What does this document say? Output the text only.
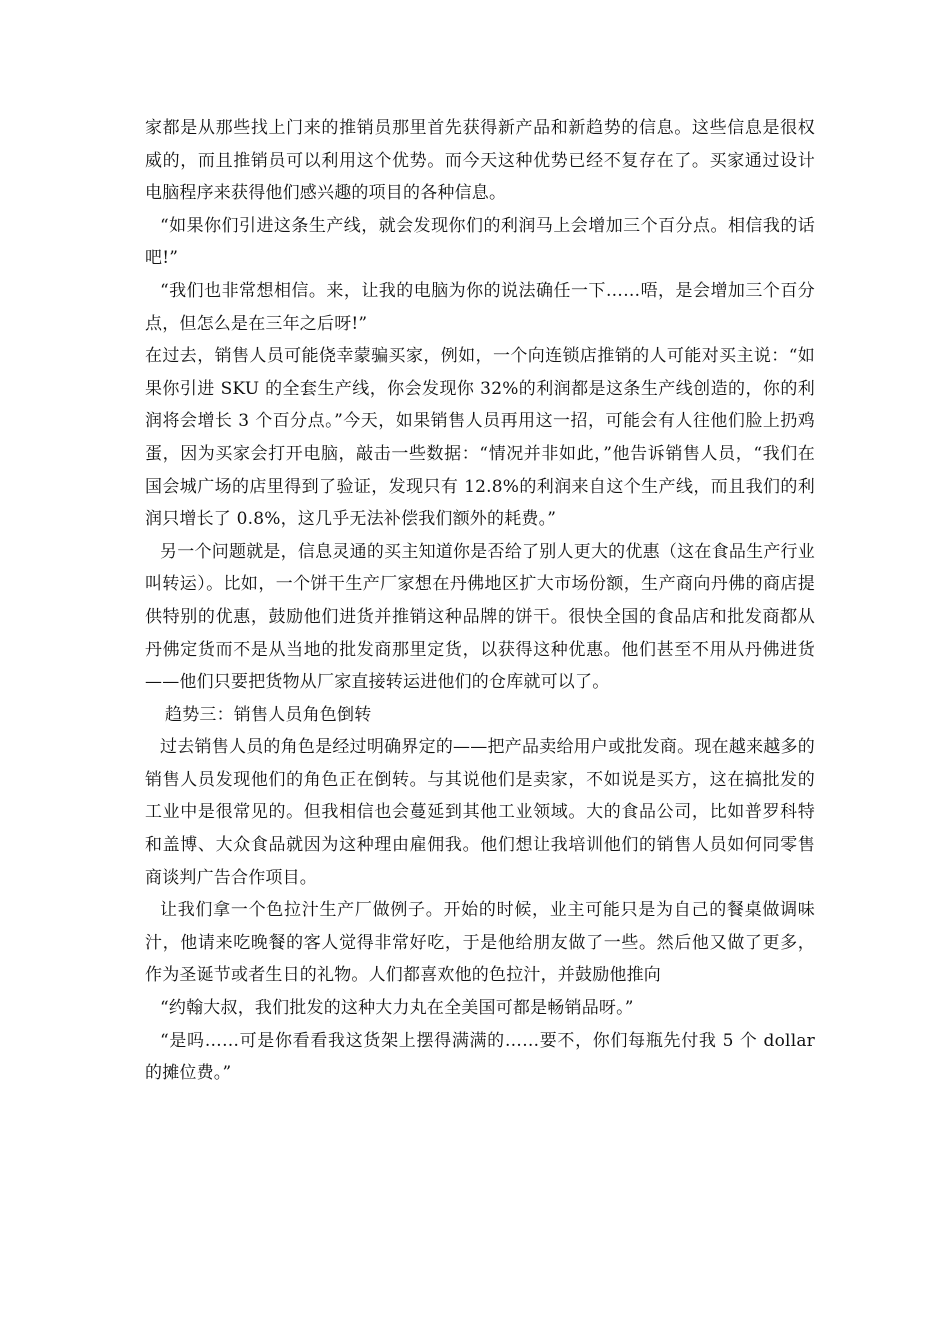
家都是从那些找上门来的推销员那里首先获得新产品和新趋势的信息。这些信息是很权威的，而且推销员可以利用这个优势。而今天这种优势已经不复存在了。买家通过设计电脑程序来获得他们感兴趣的项目的各种信息。

“如果你们引进这条生产线，就会发现你们的利润马上会增加三个百分点。相信我的话吧!”

“我们也非常想相信。来，让我的电脑为你的说法确任一下……唔，是会增加三个百分点，但怎么是在三年之后呀!”

在过去，销售人员可能侥幸蒙骗买家，例如，一个向连锁店推销的人可能对买主说：“如果你引进 SKU 的全套生产线，你会发现你 32%的利润都是这条生产线创造的，你的利润将会增长 3 个百分点。”今天，如果销售人员再用这一招，可能会有人往他们脸上扔鸡蛋，因为买家会打开电脑，敲击一些数据：“情况并非如此，”他告诉销售人员，“我们在国会城广场的店里得到了验证，发现只有 12.8%的利润来自这个生产线，而且我们的利润只增长了 0.8%，这几乎无法补偿我们额外的耗费。”

另一个问题就是，信息灵通的买主知道你是否给了别人更大的优惠（这在食品生产行业叫转运）。比如，一个饼干生产厂家想在丹佛地区扩大市场份额，生产商向丹佛的商店提供特别的优惠，鼓励他们进货并推销这种品牌的饼干。很快全国的食品店和批发商都从丹佛定货而不是从当地的批发商那里定货，以获得这种优惠。他们甚至不用从丹佛进货——他们只要把货物从厂家直接转运进他们的仓库就可以了。

趋势三：销售人员角色倒转

过去销售人员的角色是经过明确界定的——把产品卖给用户或批发商。现在越来越多的销售人员发现他们的角色正在倒转。与其说他们是卖家，不如说是买方，这在搞批发的工业中是很常见的。但我相信也会蔓延到其他工业领域。大的食品公司，比如普罗科特和盖博、大众食品就因为这种理由雇佣我。他们想让我培训他们的销售人员如何同零售商谈判广告合作项目。

让我们拿一个色拉汁生产厂做例子。开始的时候，业主可能只是为自己的餐桌做调味汁，他请来吃晚餐的客人觉得非常好吃，于是他给朋友做了一些。然后他又做了更多，作为圣诞节或者生日的礼物。人们都喜欢他的色拉汁，并鼓励他推向

“约翰大叔，我们批发的这种大力丸在全美国可都是畅销品呀。”

“是吗……可是你看看我这货架上摆得满满的……要不，你们每瓶先付我 5 个 dollar 的摊位费。”
